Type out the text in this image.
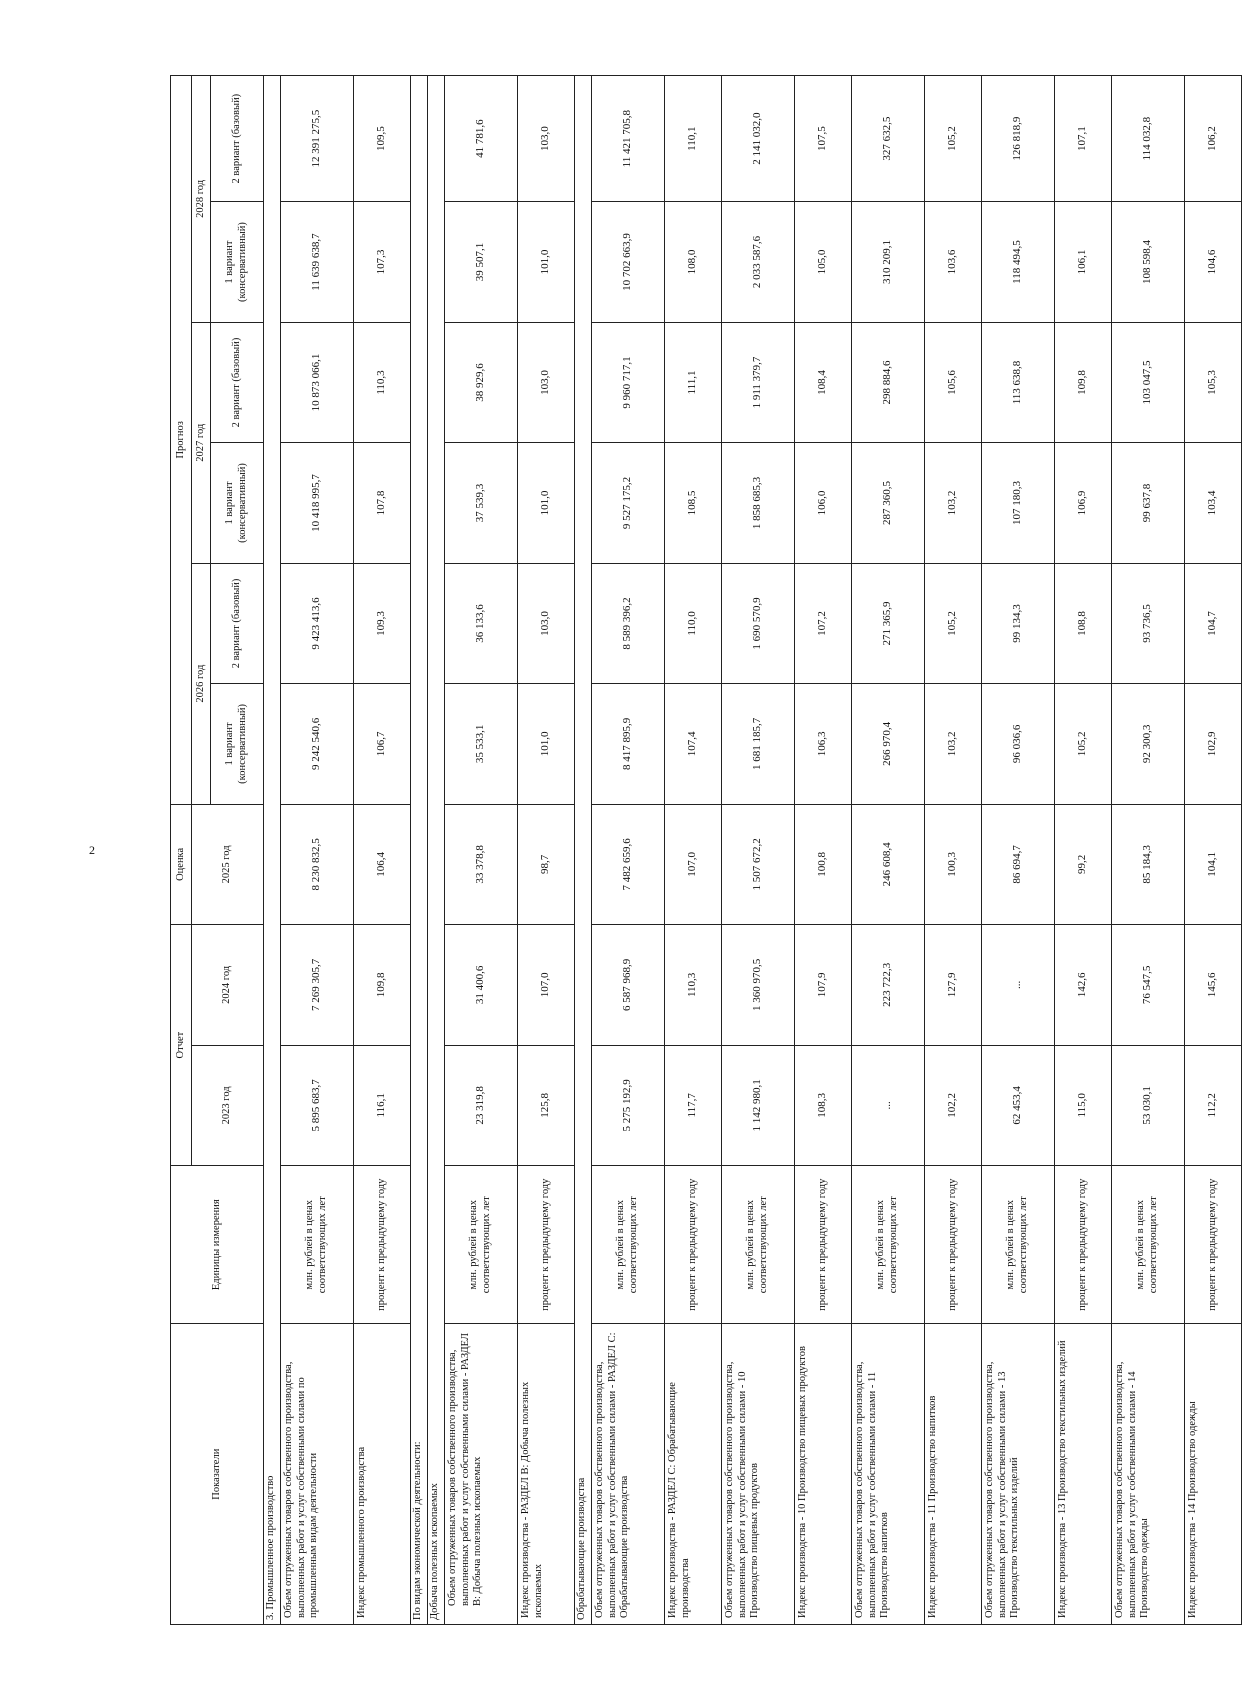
2
Показатели	Единицы измерения	Отчет		Оценка	Прогноз					
		2023 год	2024 год	2025 год	2026 год		2027 год		2028 год	
					1 вариант (консервативный)	2 вариант (базовый)	1 вариант (консервативный)	2 вариант (базовый)	1 вариант (консервативный)	2 вариант (базовый)
3. Промышленное производство										
Объем отгруженных товаров собственного производства, выполненных работ и услуг собственными силами по промышленным видам деятельности	млн. рублей в ценах соответствующих лет	5 895 683,7	7 269 305,7	8 230 832,5	9 242 540,6	9 423 413,6	10 418 995,7	10 873 066,1	11 639 638,7	12 391 275,5
Индекс промышленного производства	процент к предыдущему году	116,1	109,8	106,4	106,7	109,3	107,8	110,3	107,3	109,5
По видам экономической деятельности:										
Добыча полезных ископаемых										
Объем отгруженных товаров собственного производства, выполненных работ и услуг собственными силами - РАЗДЕЛ B: Добыча полезных ископаемых	млн. рублей в ценах соответствующих лет	23 319,8	31 400,6	33 378,8	35 533,1	36 133,6	37 539,3	38 929,6	39 507,1	41 781,6
Индекс производства - РАЗДЕЛ B: Добыча полезных ископаемых	процент к предыдущему году	125,8	107,0	98,7	101,0	103,0	101,0	103,0	101,0	103,0
Обрабатывающие производства										
Объем отгруженных товаров собственного производства, выполненных работ и услуг собственными силами - РАЗДЕЛ C: Обрабатывающие производства	млн. рублей в ценах соответствующих лет	5 275 192,9	6 587 968,9	7 482 659,6	8 417 895,9	8 589 396,2	9 527 175,2	9 960 717,1	10 702 663,9	11 421 705,8
Индекс производства - РАЗДЕЛ C: Обрабатывающие производства	процент к предыдущему году	117,7	110,3	107,0	107,4	110,0	108,5	111,1	108,0	110,1
Объем отгруженных товаров собственного производства, выполненных работ и услуг собственными силами - 10 Производство пищевых продуктов	млн. рублей в ценах соответствующих лет	1 142 980,1	1 360 970,5	1 507 672,2	1 681 185,7	1 690 570,9	1 858 685,3	1 911 379,7	2 033 587,6	2 141 032,0
Индекс производства - 10 Производство пищевых продуктов	процент к предыдущему году	108,3	107,9	100,8	106,3	107,2	106,0	108,4	105,0	107,5
Объем отгруженных товаров собственного производства, выполненных работ и услуг собственными силами - 11 Производство напитков	млн. рублей в ценах соответствующих лет	...	223 722,3	246 608,4	266 970,4	271 365,9	287 360,5	298 884,6	310 209,1	327 632,5
Индекс производства - 11 Производство напитков	процент к предыдущему году	102,2	127,9	100,3	103,2	105,2	103,2	105,6	103,6	105,2
Объем отгруженных товаров собственного производства, выполненных работ и услуг собственными силами - 13 Производство текстильных изделий	млн. рублей в ценах соответствующих лет	62 453,4	...	86 694,7	96 036,6	99 134,3	107 180,3	113 638,8	118 494,5	126 818,9
Индекс производства - 13 Производство текстильных изделий	процент к предыдущему году	115,0	142,6	99,2	105,2	108,8	106,9	109,8	106,1	107,1
Объем отгруженных товаров собственного производства, выполненных работ и услуг собственными силами - 14 Производство одежды	млн. рублей в ценах соответствующих лет	53 030,1	76 547,5	85 184,3	92 300,3	93 736,5	99 637,8	103 047,5	108 598,4	114 032,8
Индекс производства - 14 Производство одежды	процент к предыдущему году	112,2	145,6	104,1	102,9	104,7	103,4	105,3	104,6	106,2
